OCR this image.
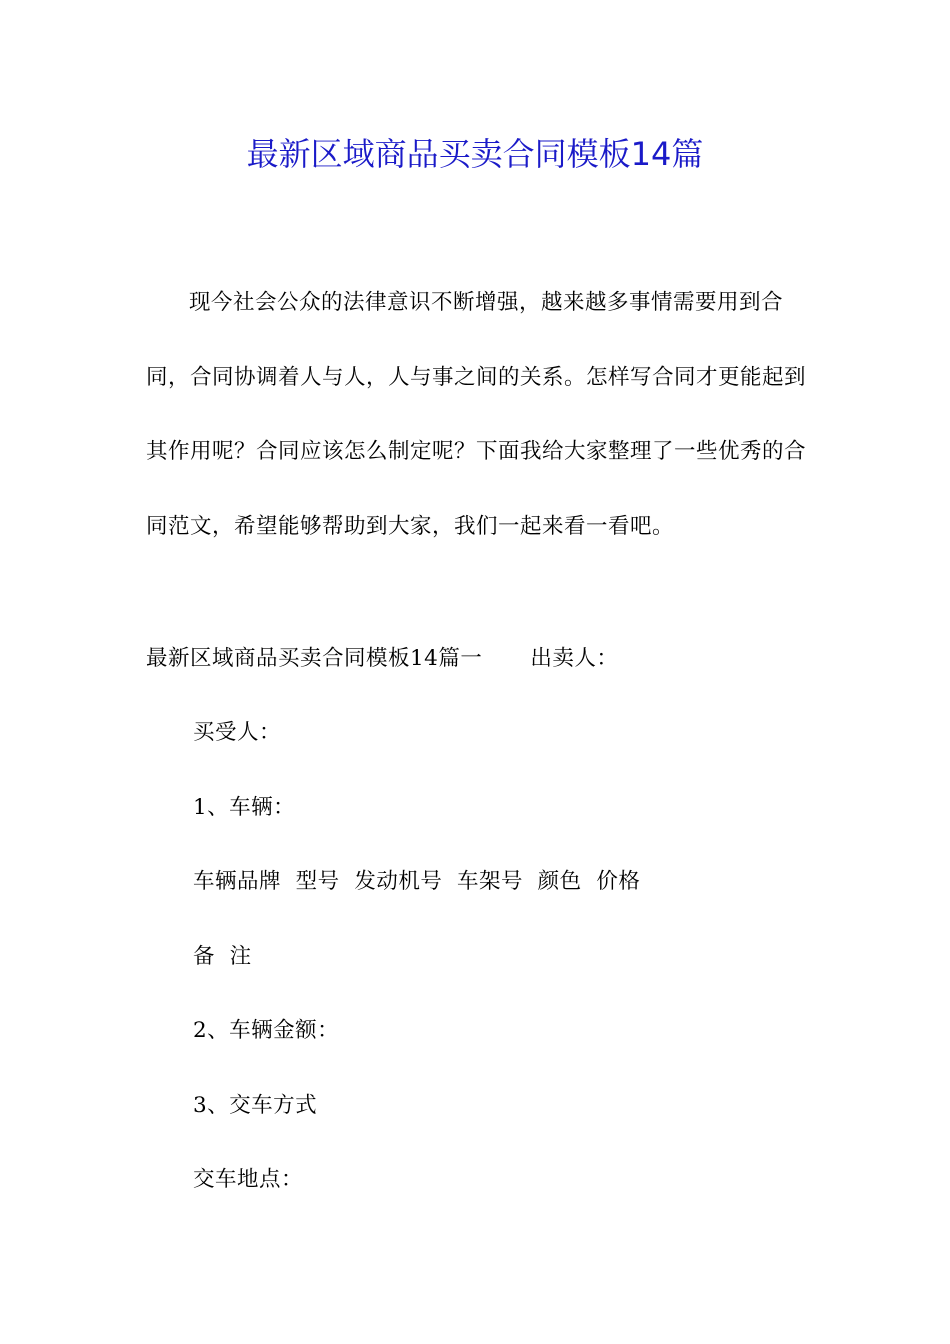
最新区域商品买卖合同模板14篇

现今社会公众的法律意识不断增强，越来越多事情需要用到合同，合同协调着人与人，人与事之间的关系。怎样写合同才更能起到其作用呢？合同应该怎么制定呢？下面我给大家整理了一些优秀的合同范文，希望能够帮助到大家，我们一起来看一看吧。

最新区域商品买卖合同模板14篇一 出卖人：

买受人：

1、车辆：

车辆品牌  型号  发动机号  车架号  颜色  价格

备  注

2、车辆金额：

3、交车方式

交车地点：
